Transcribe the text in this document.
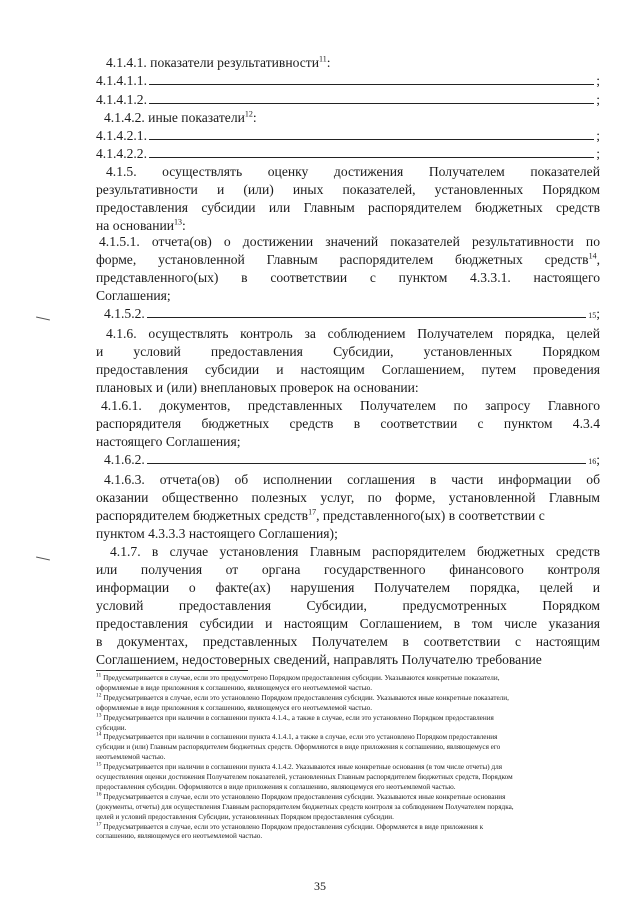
4.1.4.1. показатели результативности$^{11}$:
4.1.4.1.1.	;
4.1.4.1.2.	;
4.1.4.2. иные показатели$^{12}$:
4.1.4.2.1.	;
4.1.4.2.2.	;
4.1.5. осуществлять оценку достижения Получателем показателей
результативности и (или) иных показателей, установленных Порядком
предоставления субсидии или Главным распорядителем бюджетных средств
на основании$^{13}$:
4.1.5.1. отчета(ов) о достижении значений показателей результативности по
форме, установленной Главным распорядителем бюджетных средств$^{14}$,
представленного(ых) в соответствии с пунктом 4.3.3.1. настоящего
Соглашения;
4.1.5.2.	15 ;
4.1.6. осуществлять контроль за соблюдением Получателем порядка, целей
и условий предоставления Субсидии, установленных Порядком
предоставления субсидии и настоящим Соглашением, путем проведения
плановых и (или) внеплановых проверок на основании:
4.1.6.1. документов, представленных Получателем по запросу Главного
распорядителя бюджетных средств в соответствии с пунктом 4.3.4
настоящего Соглашения;
4.1.6.2.	16 ;
4.1.6.3. отчета(ов) об исполнении соглашения в части информации об
оказании общественно полезных услуг, по форме, установленной Главным
распорядителем бюджетных средств$^{17}$, представленного(ых) в соответствии с
пунктом 4.3.3.3 настоящего Соглашения);
4.1.7. в случае установления Главным распорядителем бюджетных средств
или получения от органа государственного финансового контроля
информации о факте(ах) нарушения Получателем порядка, целей и
условий предоставления Субсидии, предусмотренных Порядком
предоставления субсидии и настоящим Соглашением, в том числе указания
в документах, представленных Получателем в соответствии с настоящим
Соглашением, недостоверных сведений, направлять Получателю требование
$^{11}$ Предусматривается в случае, если это предусмотрено Порядком предоставления субсидии. Указываются конкретные показатели,
оформляемые в виде приложения к соглашению, являющемуся его неотъемлемой частью.
$^{12}$ Предусматривается в случае, если это установлено Порядком предоставления субсидии. Указываются иные конкретные показатели,
оформляемые в виде приложения к соглашению, являющемуся его неотъемлемой частью.
$^{13}$ Предусматривается при наличии в соглашении пункта 4.1.4., а также в случае, если это установлено Порядком предоставления
субсидии.
$^{14}$ Предусматривается при наличии в соглашении пункта 4.1.4.1, а также в случае, если это установлено Порядком предоставления
субсидии и (или) Главным распорядителем бюджетных средств. Оформляются в виде приложения к соглашению, являющемуся его
неотъемлемой частью.
$^{15}$ Предусматривается при наличии в соглашении пункта 4.1.4.2. Указываются иные конкретные основания (в том числе отчеты) для
осуществления оценки достижения Получателем показателей, установленных Главным распорядителем бюджетных средств, Порядком
предоставления субсидии. Оформляются в виде приложения к соглашению, являющемуся его неотъемлемой частью.
$^{16}$ Предусматривается в случае, если это установлено Порядком предоставления субсидии. Указываются иные конкретные основания
(документы, отчеты) для осуществления Главным распорядителем бюджетных средств контроля за соблюдением Получателем порядка,
целей и условий предоставления Субсидии, установленных Порядком предоставления субсидии.
$^{17}$ Предусматривается в случае, если это установлено Порядком предоставления субсидии. Оформляется в виде приложения к
соглашению, являющемуся его неотъемлемой частью.
35
